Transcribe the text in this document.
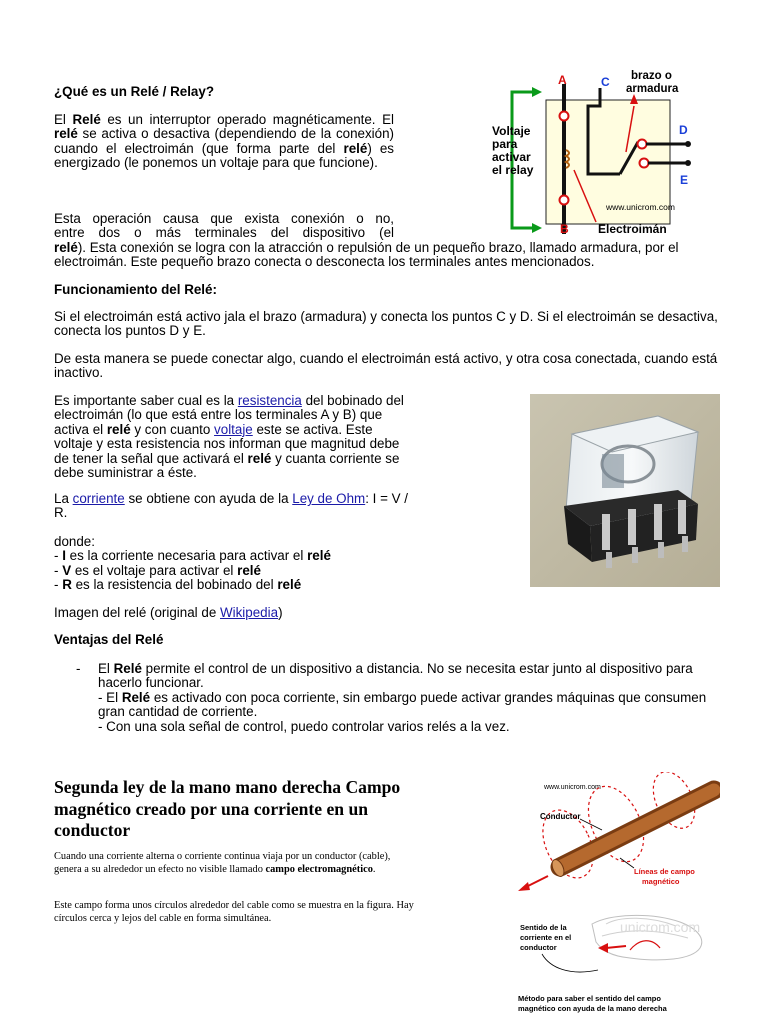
¿Qué es un Relé / Relay?
El Relé es un interruptor operado magnéticamente. El relé se activa o desactiva (dependiendo de la conexión) cuando el electroimán (que forma parte del relé) es energizado (le ponemos un voltaje para que funcione).
Esta operación causa que exista conexión o no,
entre dos o más terminales del dispositivo (el
relé). Esta conexión se logra con la atracción o repulsión de un pequeño brazo, llamado armadura, por el electroimán. Este pequeño brazo conecta o desconecta los terminales antes mencionados.
Funcionamiento del Relé:
Si el electroimán está activo jala el brazo (armadura) y conecta los puntos C y D. Si el electroimán se desactiva, conecta los puntos D y E.
De esta manera se puede conectar algo, cuando el electroimán está activo, y otra cosa conectada, cuando está inactivo.
Es importante saber cual es la resistencia del bobinado del electroimán (lo que está entre los terminales A y B) que activa el relé y con cuanto voltaje este se activa. Este voltaje y esta resistencia nos informan que magnitud debe de tener la señal que activará el relé y cuanta corriente se debe suministrar a éste.
La corriente se obtiene con ayuda de la Ley de Ohm: I = V / R.
donde:
- I es la corriente necesaria para activar el relé
- V es el voltaje para activar el relé
- R es la resistencia del bobinado del relé
Imagen del relé (original de Wikipedia)
Ventajas del Relé
- El Relé permite el control de un dispositivo a distancia. No se necesita estar junto al dispositivo para hacerlo funcionar.
- El Relé es activado con poca corriente, sin embargo puede activar grandes máquinas que consumen gran cantidad de corriente.
- Con una sola señal de control, puedo controlar varios relés a la vez.
A
B
C
D
E
brazo o
armadura
Voltaje
para
activar
el relay
Electroimán
www.unicrom.com
Segunda ley de la mano mano derecha Campo magnético creado por una corriente en un conductor
Cuando una corriente alterna o corriente continua viaja por un conductor (cable), genera a su alrededor un efecto no visible llamado campo electromagnético.
Este campo forma unos círculos alrededor del cable como se muestra en la figura. Hay círculos cerca y lejos del cable en forma simultánea.
www.unicrom.com
Conductor
Líneas de campo
magnético
unicrom.com
Sentido de la
corriente en el
conductor
Método para saber el sentido del campo
magnético con ayuda de la mano derecha
